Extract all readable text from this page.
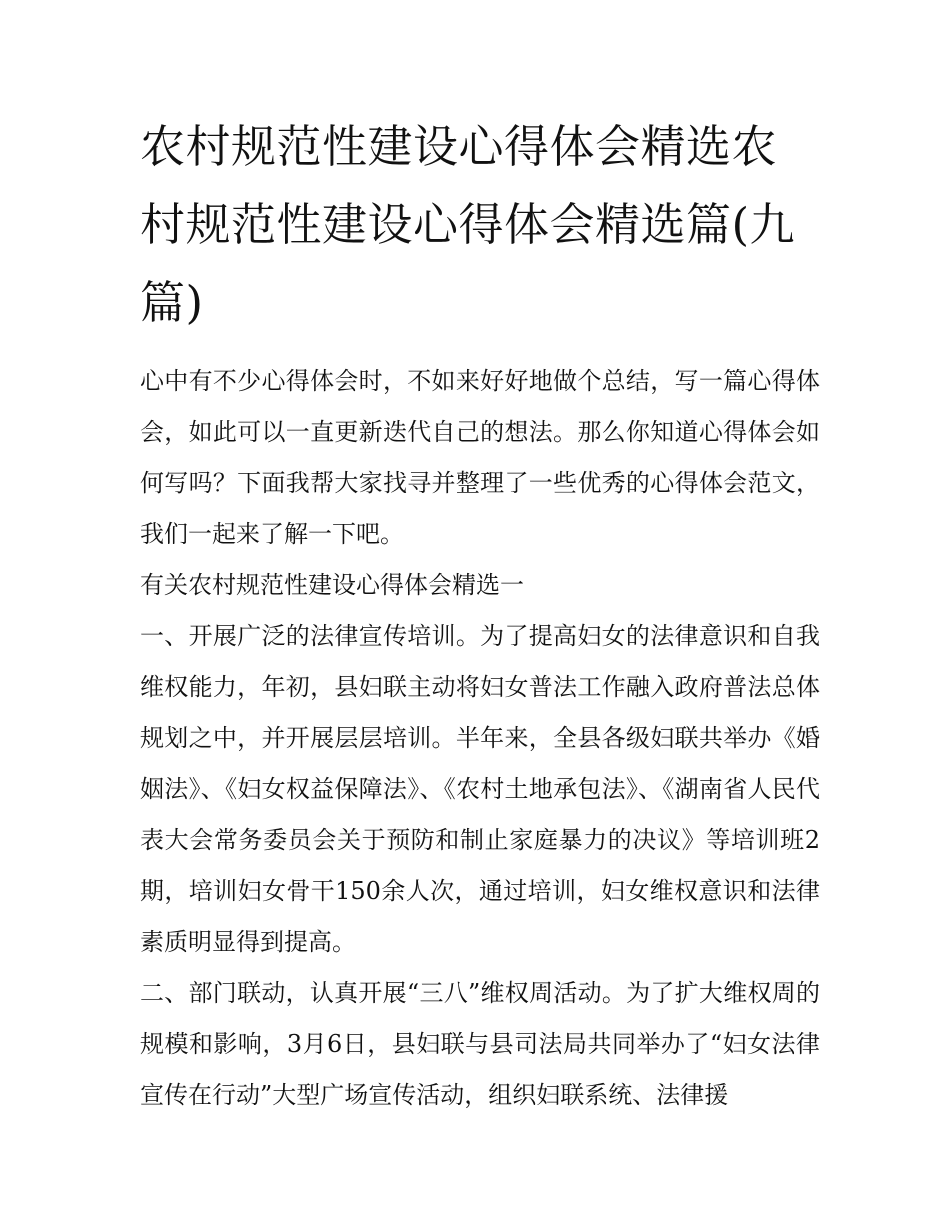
农村规范性建设心得体会精选农村规范性建设心得体会精选篇(九篇)

心中有不少心得体会时，不如来好好地做个总结，写一篇心得体会，如此可以一直更新迭代自己的想法。那么你知道心得体会如何写吗？下面我帮大家找寻并整理了一些优秀的心得体会范文，我们一起来了解一下吧。

有关农村规范性建设心得体会精选一

一、开展广泛的法律宣传培训。为了提高妇女的法律意识和自我维权能力，年初，县妇联主动将妇女普法工作融入政府普法总体规划之中，并开展层层培训。半年来，全县各级妇联共举办《婚姻法》、《妇女权益保障法》、《农村土地承包法》、《湖南省人民代表大会常务委员会关于预防和制止家庭暴力的决议》等培训班2期，培训妇女骨干150余人次，通过培训，妇女维权意识和法律素质明显得到提高。

二、部门联动，认真开展“三八”维权周活动。为了扩大维权周的规模和影响，3月6日，县妇联与县司法局共同举办了“妇女法律宣传在行动”大型广场宣传活动，组织妇联系统、法律援
